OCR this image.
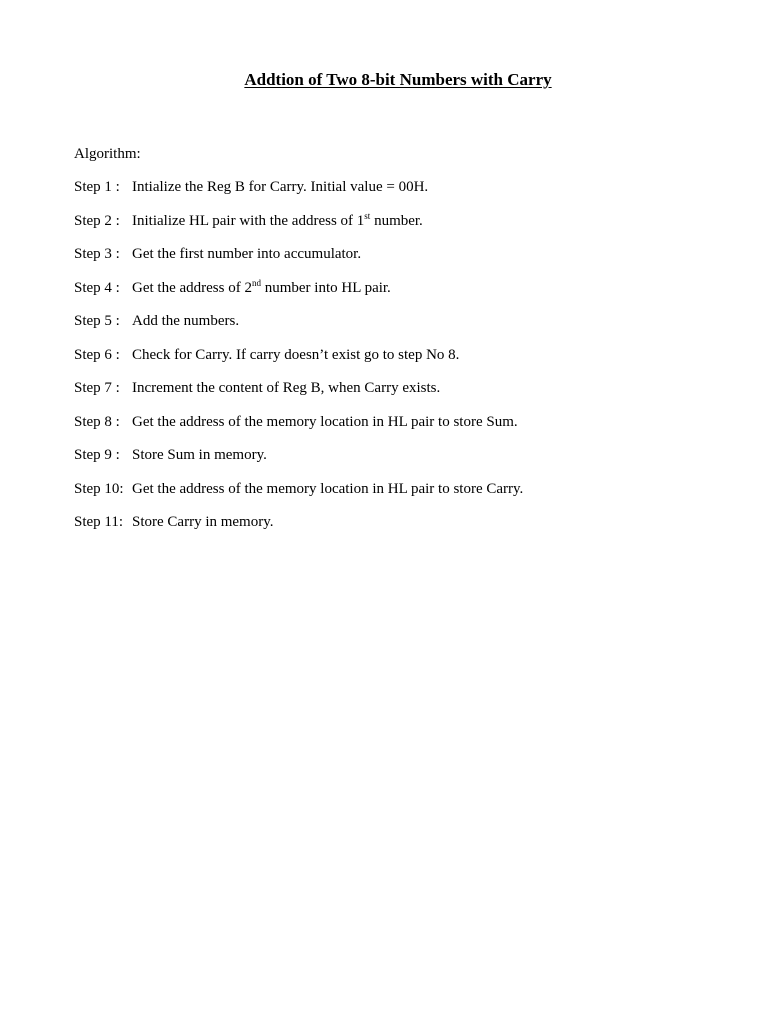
Addtion of Two 8-bit Numbers with Carry

Algorithm:

Step 1 : Intialize the Reg B for Carry. Initial value = 00H.
Step 2 : Initialize HL pair with the address of 1st number.
Step 3 : Get the first number into accumulator.
Step 4 : Get the address of 2nd number into HL pair.
Step 5 : Add the numbers.
Step 6 : Check for Carry. If carry doesn’t exist go to step No 8.
Step 7 : Increment the content of Reg B, when Carry exists.
Step 8 : Get the address of the memory location in HL pair to store Sum.
Step 9 : Store Sum in memory.
Step 10: Get the address of the memory location in HL pair to store Carry.
Step 11: Store Carry in memory.
